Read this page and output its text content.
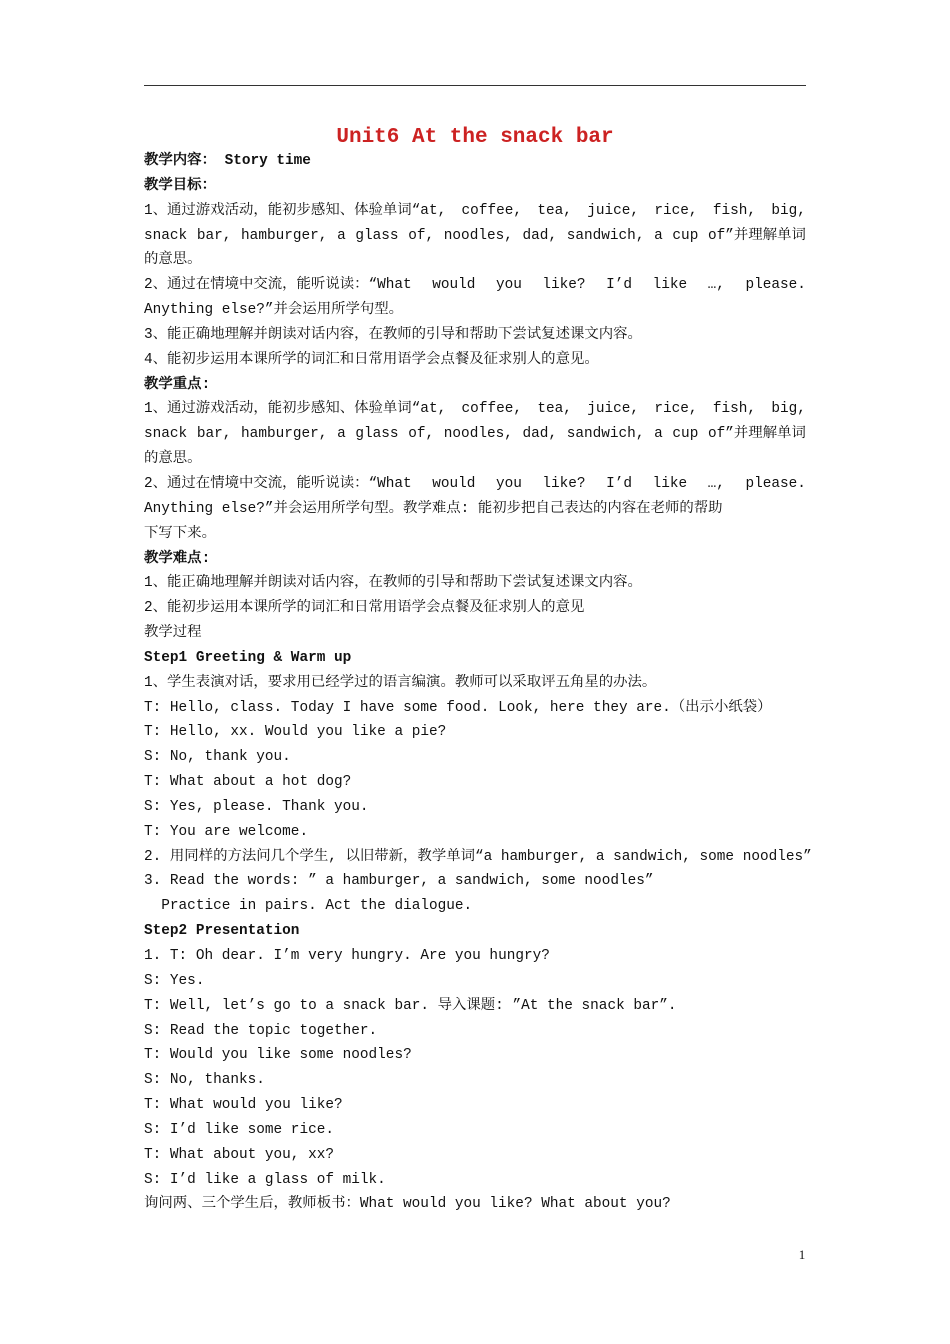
Unit6 At the snack bar
教学内容： Story time
教学目标：
1、通过游戏活动，能初步感知、体验单词“at, coffee, tea, juice, rice, fish, big,
snack bar, hamburger, a glass of, noodles, dad, sandwich, a cup of”并理解单词
的意思。
2、通过在情境中交流，能听说读：“What would you like? I’d like …, please.
Anything else?”并会运用所学句型。
3、能正确地理解并朗读对话内容，在教师的引导和帮助下尝试复述课文内容。
4、能初步运用本课所学的词汇和日常用语学会点餐及征求别人的意见。
教学重点:
1、通过游戏活动，能初步感知、体验单词“at, coffee, tea, juice, rice, fish, big,
snack bar, hamburger, a glass of, noodles, dad, sandwich, a cup of”并理解单词
的意思。
2、通过在情境中交流，能听说读：“What would you like? I’d like …, please.
Anything else?”并会运用所学句型。教学难点: 能初步把自己表达的内容在老师的帮助
下写下来。
教学难点:
1、能正确地理解并朗读对话内容，在教师的引导和帮助下尝试复述课文内容。
2、能初步运用本课所学的词汇和日常用语学会点餐及征求别人的意见
教学过程
Step1 Greeting & Warm up
1、学生表演对话，要求用已经学过的语言编演。教师可以采取评五角星的办法。
T: Hello, class. Today I have some food. Look, here they are.（出示小纸袋）
T: Hello, xx. Would you like a pie?
S: No, thank you.
T: What about a hot dog?
S: Yes, please. Thank you.
T: You are welcome.
2. 用同样的方法问几个学生, 以旧带新，教学单词“a hamburger, a sandwich, some noodles”
3. Read the words: ” a hamburger, a sandwich, some noodles”
Practice in pairs. Act the dialogue.
Step2 Presentation
1. T: Oh dear. I’m very hungry. Are you hungry?
S: Yes.
T: Well, let’s go to a snack bar. 导入课题: ”At the snack bar”.
S: Read the topic together.
T: Would you like some noodles?
S: No, thanks.
T: What would you like?
S: I’d like some rice.
T: What about you, xx?
S: I’d like a glass of milk.
询问两、三个学生后，教师板书：What would you like? What about you?
1
